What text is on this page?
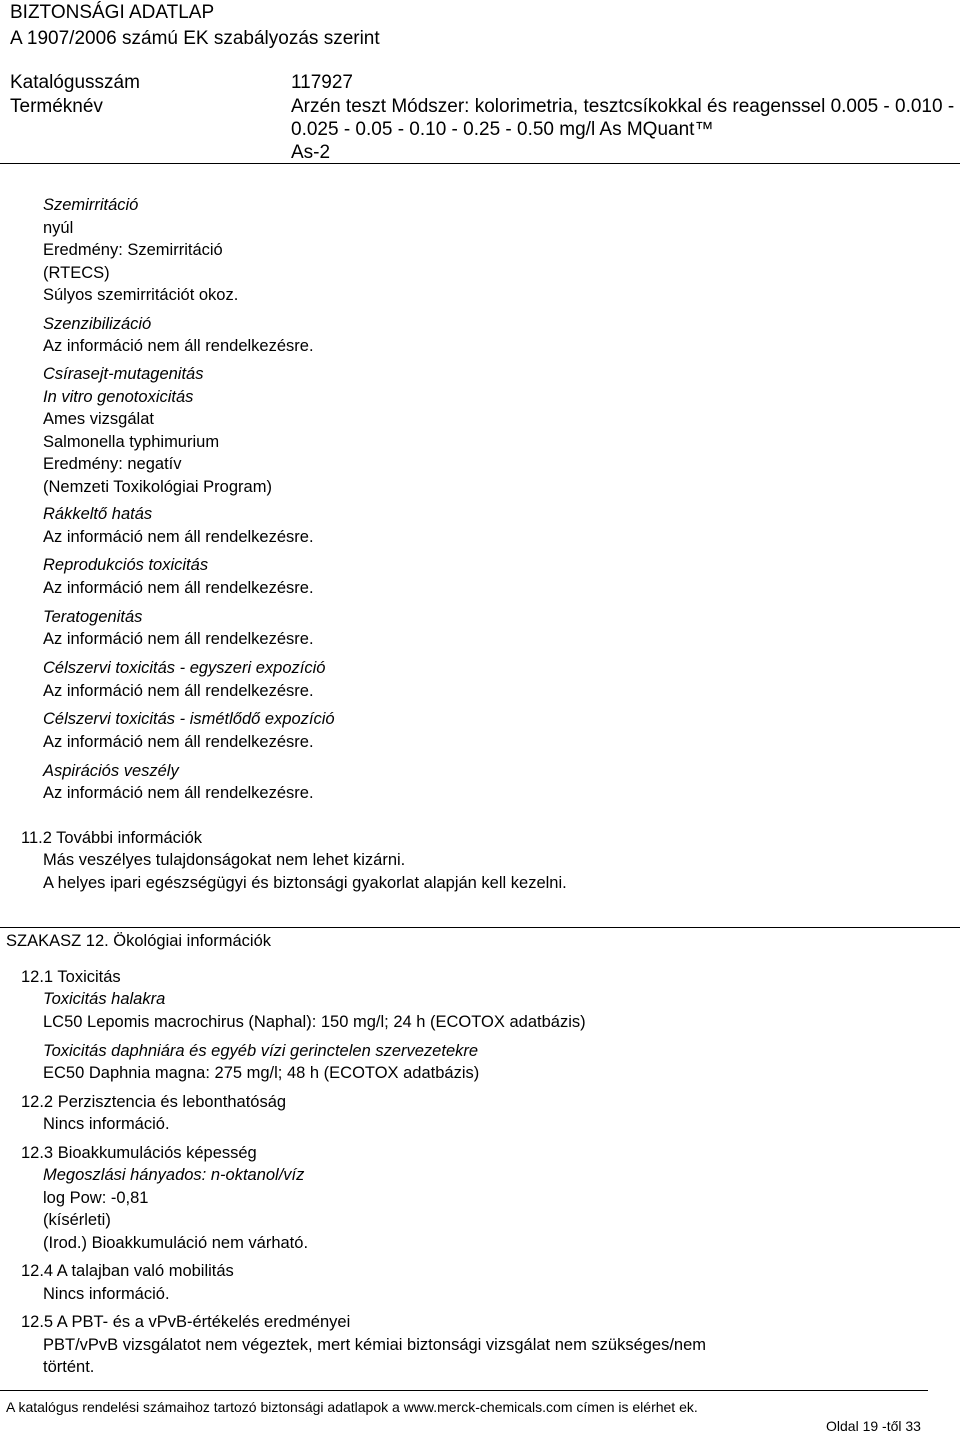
BIZTONSÁGI ADATLAP
A 1907/2006 számú EK szabályozás szerint
Katalógusszám	117927
Terméknév	Arzén teszt Módszer: kolorimetria, tesztcsíkokkal és reagenssel 0.005 - 0.010 -
0.025 - 0.05 - 0.10 - 0.25 - 0.50 mg/l As MQuant™
As-2
Szemirritáció
nyúl
Eredmény: Szemirritáció
(RTECS)
Súlyos szemirritációt okoz.
Szenzibilizáció
Az információ nem áll rendelkezésre.
Csírasejt-mutagenitás
In vitro genotoxicitás
Ames vizsgálat
Salmonella typhimurium
Eredmény: negatív
(Nemzeti Toxikológiai Program)
Rákkeltő hatás
Az információ nem áll rendelkezésre.
Reprodukciós toxicitás
Az információ nem áll rendelkezésre.
Teratogenitás
Az információ nem áll rendelkezésre.
Célszervi toxicitás - egyszeri expozíció
Az információ nem áll rendelkezésre.
Célszervi toxicitás - ismétlődő expozíció
Az információ nem áll rendelkezésre.
Aspirációs veszély
Az információ nem áll rendelkezésre.
11.2 További információk
Más veszélyes tulajdonságokat nem lehet kizárni.
A helyes ipari egészségügyi és biztonsági gyakorlat alapján kell kezelni.
SZAKASZ 12. Ökológiai információk
12.1 Toxicitás
Toxicitás halakra
LC50 Lepomis macrochirus (Naphal): 150 mg/l; 24 h (ECOTOX adatbázis)
Toxicitás daphniára és egyéb vízi gerinctelen szervezetekre
EC50 Daphnia magna: 275 mg/l; 48 h (ECOTOX adatbázis)
12.2 Perzisztencia és lebonthatóság
Nincs információ.
12.3 Bioakkumulációs képesség
Megoszlási hányados: n-oktanol/víz
log Pow: -0,81
(kísérleti)
(Irod.) Bioakkumuláció nem várható.
12.4 A talajban való mobilitás
Nincs információ.
12.5 A PBT- és a vPvB-értékelés eredményei
PBT/vPvB vizsgálatot nem végeztek, mert kémiai biztonsági vizsgálat nem szükséges/nem
történt.
A katalógus rendelési számaihoz tartozó biztonsági adatlapok a www.merck-chemicals.com címen is elérhet ek.
Oldal 19 -től 33
